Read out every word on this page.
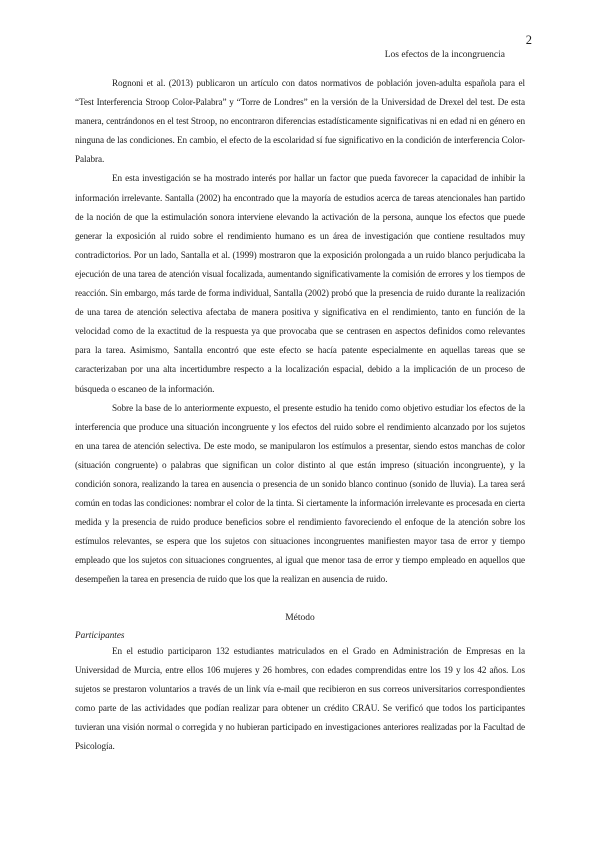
2
Los efectos de la incongruencia

Rognoni et al. (2013) publicaron un artículo con datos normativos de población joven-adulta española para el “Test Interferencia Stroop Color-Palabra” y “Torre de Londres” en la versión de la Universidad de Drexel del test. De esta manera, centrándonos en el test Stroop, no encontraron diferencias estadísticamente significativas ni en edad ni en género en ninguna de las condiciones. En cambio, el efecto de la escolaridad sí fue significativo en la condición de interferencia Color-Palabra.

En esta investigación se ha mostrado interés por hallar un factor que pueda favorecer la capacidad de inhibir la información irrelevante. Santalla (2002) ha encontrado que la mayoría de estudios acerca de tareas atencionales han partido de la noción de que la estimulación sonora interviene elevando la activación de la persona, aunque los efectos que puede generar la exposición al ruido sobre el rendimiento humano es un área de investigación que contiene resultados muy contradictorios. Por un lado, Santalla et al. (1999) mostraron que la exposición prolongada a un ruido blanco perjudicaba la ejecución de una tarea de atención visual focalizada, aumentando significativamente la comisión de errores y los tiempos de reacción. Sin embargo, más tarde de forma individual, Santalla (2002) probó que la presencia de ruido durante la realización de una tarea de atención selectiva afectaba de manera positiva y significativa en el rendimiento, tanto en función de la velocidad como de la exactitud de la respuesta ya que provocaba que se centrasen en aspectos definidos como relevantes para la tarea. Asimismo, Santalla encontró que este efecto se hacía patente especialmente en aquellas tareas que se caracterizaban por una alta incertidumbre respecto a la localización espacial, debido a la implicación de un proceso de búsqueda o escaneo de la información.

Sobre la base de lo anteriormente expuesto, el presente estudio ha tenido como objetivo estudiar los efectos de la interferencia que produce una situación incongruente y los efectos del ruido sobre el rendimiento alcanzado por los sujetos en una tarea de atención selectiva. De este modo, se manipularon los estímulos a presentar, siendo estos manchas de color (situación congruente) o palabras que significan un color distinto al que están impreso (situación incongruente), y la condición sonora, realizando la tarea en ausencia o presencia de un sonido blanco continuo (sonido de lluvia). La tarea será común en todas las condiciones: nombrar el color de la tinta. Si ciertamente la información irrelevante es procesada en cierta medida y la presencia de ruido produce beneficios sobre el rendimiento favoreciendo el enfoque de la atención sobre los estímulos relevantes, se espera que los sujetos con situaciones incongruentes manifiesten mayor tasa de error y tiempo empleado que los sujetos con situaciones congruentes, al igual que menor tasa de error y tiempo empleado en aquellos que desempeñen la tarea en presencia de ruido que los que la realizan en ausencia de ruido.

Método
Participantes

En el estudio participaron 132 estudiantes matriculados en el Grado en Administración de Empresas en la Universidad de Murcia, entre ellos 106 mujeres y 26 hombres, con edades comprendidas entre los 19 y los 42 años. Los sujetos se prestaron voluntarios a través de un link vía e-mail que recibieron en sus correos universitarios correspondientes como parte de las actividades que podían realizar para obtener un crédito CRAU. Se verificó que todos los participantes tuvieran una visión normal o corregida y no hubieran participado en investigaciones anteriores realizadas por la Facultad de Psicología.
